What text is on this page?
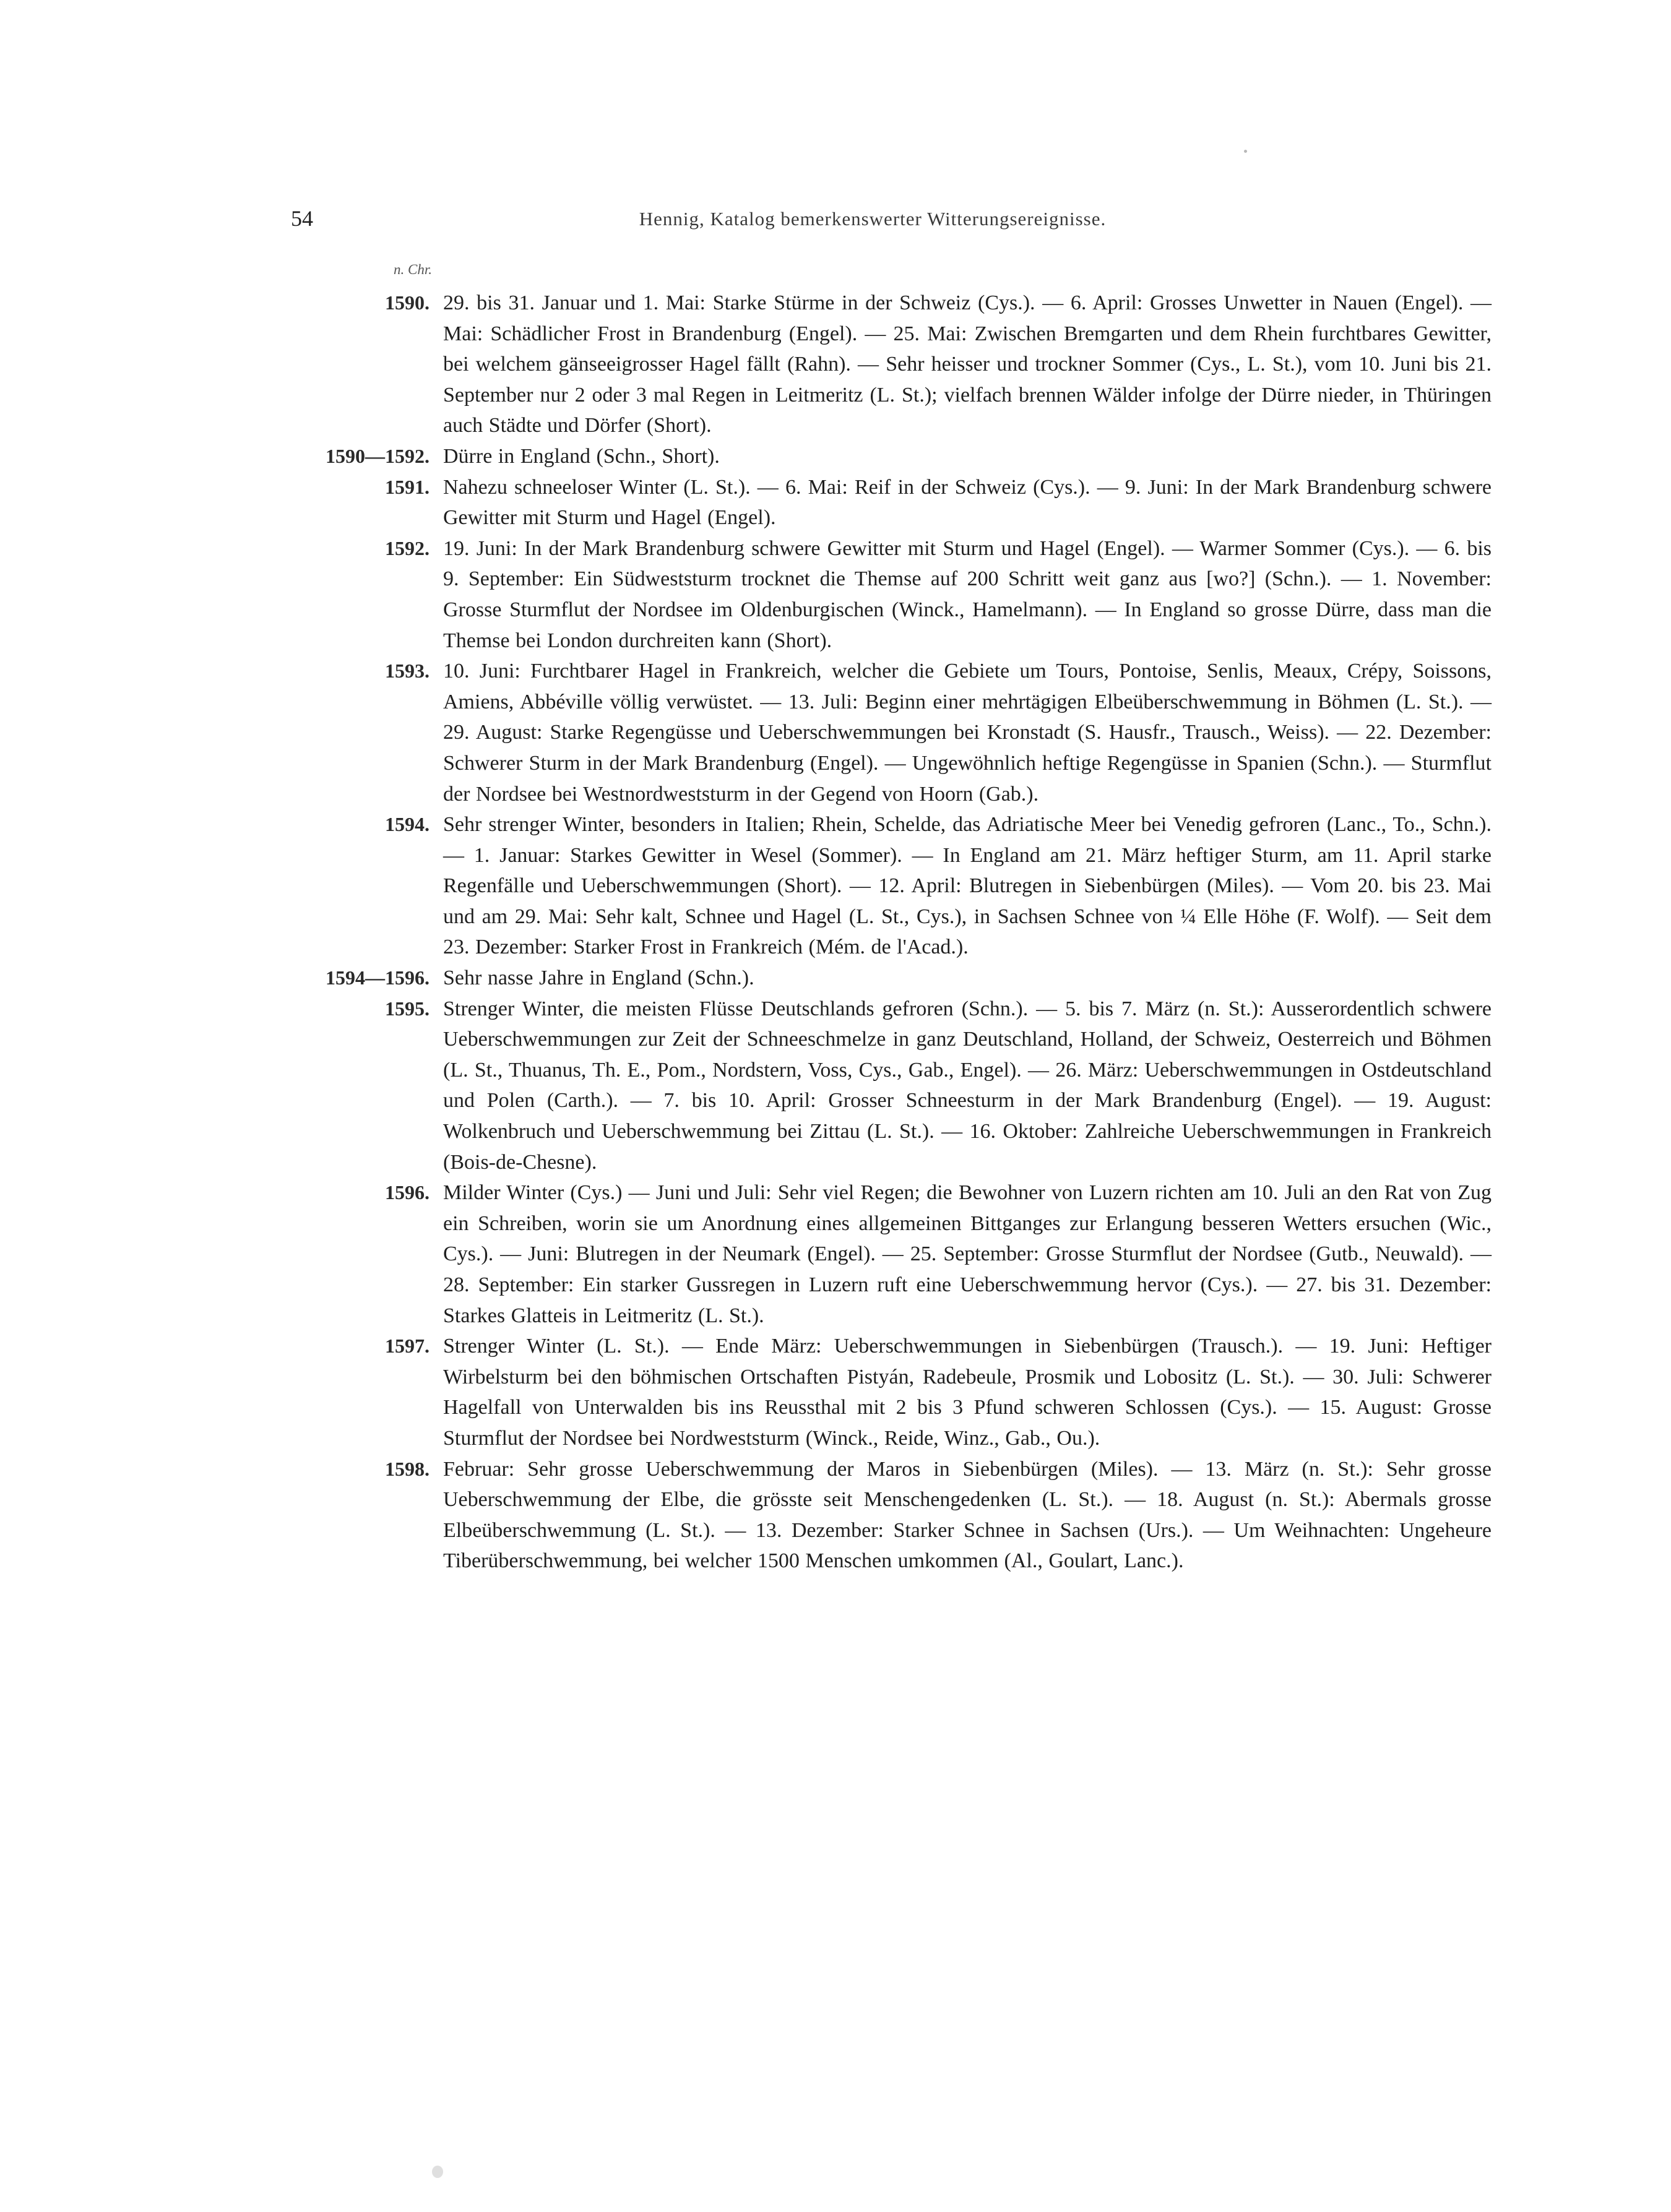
54	Hennig, Katalog bemerkenswerter Witterungsereignisse.
n. Chr.
1590. 29. bis 31. Januar und 1. Mai: Starke Stürme in der Schweiz (Cys.). — 6. April: Grosses Unwetter in Nauen (Engel). — Mai: Schädlicher Frost in Brandenburg (Engel). — 25. Mai: Zwischen Bremgarten und dem Rhein furchtbares Gewitter, bei welchem gänseeigrosser Hagel fällt (Rahn). — Sehr heisser und trockner Sommer (Cys., L. St.), vom 10. Juni bis 21. September nur 2 oder 3 mal Regen in Leitmeritz (L. St.); vielfach brennen Wälder infolge der Dürre nieder, in Thüringen auch Städte und Dörfer (Short).
1590—1592. Dürre in England (Schn., Short).
1591. Nahezu schneeloser Winter (L. St.). — 6. Mai: Reif in der Schweiz (Cys.). — 9. Juni: In der Mark Brandenburg schwere Gewitter mit Sturm und Hagel (Engel).
1592. 19. Juni: In der Mark Brandenburg schwere Gewitter mit Sturm und Hagel (Engel). — Warmer Sommer (Cys.). — 6. bis 9. September: Ein Südweststurm trocknet die Themse auf 200 Schritt weit ganz aus [wo?] (Schn.). — 1. November: Grosse Sturmflut der Nordsee im Oldenburgischen (Winck., Hamelmann). — In England so grosse Dürre, dass man die Themse bei London durchreiten kann (Short).
1593. 10. Juni: Furchtbarer Hagel in Frankreich, welcher die Gebiete um Tours, Pontoise, Senlis, Meaux, Crépy, Soissons, Amiens, Abbéville völlig verwüstet. — 13. Juli: Beginn einer mehrtägigen Elbeüberschwemmung in Böhmen (L. St.). — 29. August: Starke Regengüsse und Ueberschwemmungen bei Kronstadt (S. Hausfr., Trausch., Weiss). — 22. Dezember: Schwerer Sturm in der Mark Brandenburg (Engel). — Ungewöhnlich heftige Regengüsse in Spanien (Schn.). — Sturmflut der Nordsee bei Westnordweststurm in der Gegend von Hoorn (Gab.).
1594. Sehr strenger Winter, besonders in Italien; Rhein, Schelde, das Adriatische Meer bei Venedig gefroren (Lanc., To., Schn.). — 1. Januar: Starkes Gewitter in Wesel (Sommer). — In England am 21. März heftiger Sturm, am 11. April starke Regenfälle und Ueberschwemmungen (Short). — 12. April: Blutregen in Siebenbürgen (Miles). — Vom 20. bis 23. Mai und am 29. Mai: Sehr kalt, Schnee und Hagel (L. St., Cys.), in Sachsen Schnee von ¼ Elle Höhe (F. Wolf). — Seit dem 23. Dezember: Starker Frost in Frankreich (Mém. de l'Acad.).
1594—1596. Sehr nasse Jahre in England (Schn.).
1595. Strenger Winter, die meisten Flüsse Deutschlands gefroren (Schn.). — 5. bis 7. März (n. St.): Ausserordentlich schwere Ueberschwemmungen zur Zeit der Schneeschmelze in ganz Deutschland, Holland, der Schweiz, Oesterreich und Böhmen (L. St., Thuanus, Th. E., Pom., Nordstern, Voss, Cys., Gab., Engel). — 26. März: Ueberschwemmungen in Ostdeutschland und Polen (Carth.). — 7. bis 10. April: Grosser Schneesturm in der Mark Brandenburg (Engel). — 19. August: Wolkenbruch und Ueberschwemmung bei Zittau (L. St.). — 16. Oktober: Zahlreiche Ueberschwemmungen in Frankreich (Bois-de-Chesne).
1596. Milder Winter (Cys.) — Juni und Juli: Sehr viel Regen; die Bewohner von Luzern richten am 10. Juli an den Rat von Zug ein Schreiben, worin sie um Anordnung eines allgemeinen Bittganges zur Erlangung besseren Wetters ersuchen (Wic., Cys.). — Juni: Blutregen in der Neumark (Engel). — 25. September: Grosse Sturmflut der Nordsee (Gutb., Neuwald). — 28. September: Ein starker Gussregen in Luzern ruft eine Ueberschwemmung hervor (Cys.). — 27. bis 31. Dezember: Starkes Glatteis in Leitmeritz (L. St.).
1597. Strenger Winter (L. St.). — Ende März: Ueberschwemmungen in Siebenbürgen (Trausch.). — 19. Juni: Heftiger Wirbelsturm bei den böhmischen Ortschaften Pistyán, Radebeule, Prosmik und Lobositz (L. St.). — 30. Juli: Schwerer Hagelfall von Unterwalden bis ins Reussthal mit 2 bis 3 Pfund schweren Schlossen (Cys.). — 15. August: Grosse Sturmflut der Nordsee bei Nordweststurm (Winck., Reide, Winz., Gab., Ou.).
1598. Februar: Sehr grosse Ueberschwemmung der Maros in Siebenbürgen (Miles). — 13. März (n. St.): Sehr grosse Ueberschwemmung der Elbe, die grösste seit Menschengedenken (L. St.). — 18. August (n. St.): Abermals grosse Elbeüberschwemmung (L. St.). — 13. Dezember: Starker Schnee in Sachsen (Urs.). — Um Weihnachten: Ungeheure Tiberüberschwemmung, bei welcher 1500 Menschen umkommen (Al., Goulart, Lanc.).
